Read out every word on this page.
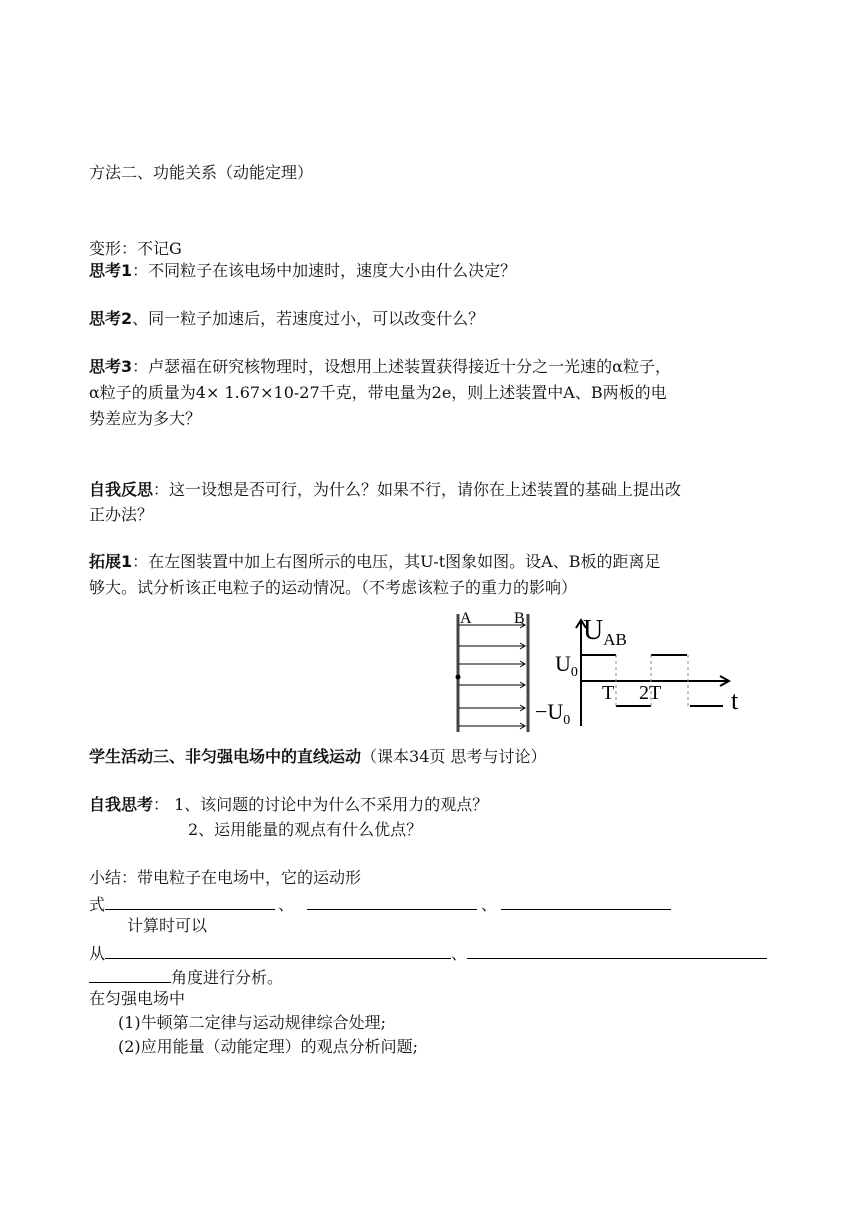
方法二、功能关系（动能定理）
变形：不记G
思考1：不同粒子在该电场中加速时，速度大小由什么决定？
思考2、同一粒子加速后，若速度过小，可以改变什么？
思考3：卢瑟福在研究核物理时，设想用上述装置获得接近十分之一光速的α粒子，
α粒子的质量为4× 1.67×10-27千克，带电量为2e，则上述装置中A、B两板的电
势差应为多大？
自我反思：这一设想是否可行，为什么？如果不行，请你在上述装置的基础上提出改
正办法？
拓展1：在左图装置中加上右图所示的电压，其U-t图象如图。设A、B板的距离足
够大。试分析该正电粒子的运动情况。（不考虑该粒子的重力的影响）
A	B $U_{AB}$
$U_0$
$-U_0$
T 2T	t
学生活动三、非匀强电场中的直线运动（课本34页 思考与讨论）
自我思考： 1、该问题的讨论中为什么不采用力的观点？
2、运用能量的观点有什么优点？
小结：带电粒子在电场中，它的运动形
式	、	、
计算时可以
从	、
角度进行分析。
在匀强电场中
(1)牛顿第二定律与运动规律综合处理;
(2)应用能量（动能定理）的观点分析问题;
